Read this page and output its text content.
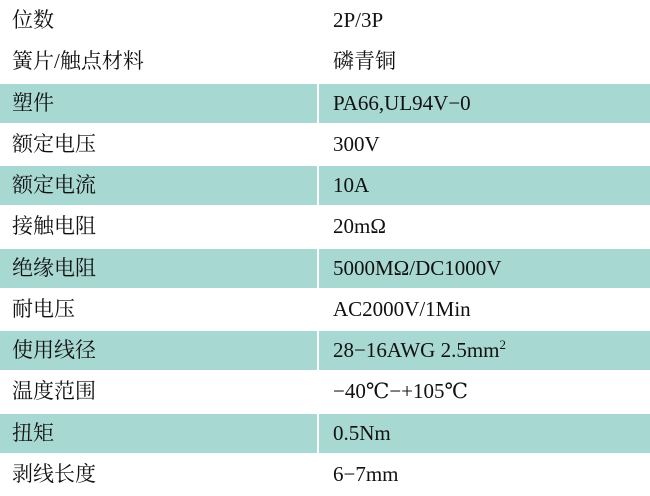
位数	2P/3P
簧片/触点材料	磷青铜
塑件	PA66,UL94V−0
额定电压	300V
额定电流	10A
接触电阻	20mΩ
绝缘电阻	5000MΩ/DC1000V
耐电压	AC2000V/1Min
使用线径	28−16AWG $2.5mm^2$
温度范围	−40℃−+105℃
扭矩	0.5Nm
剥线长度	6−7mm
